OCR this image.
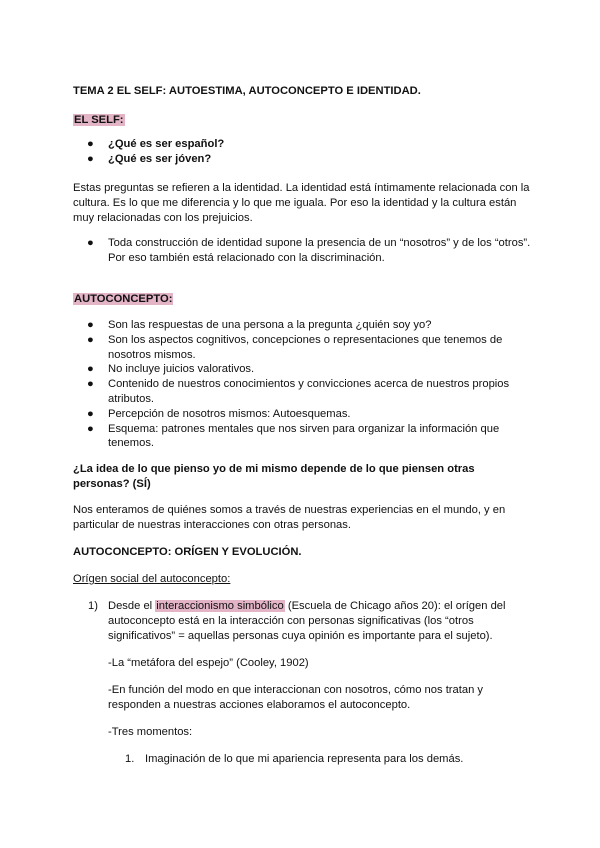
TEMA 2 EL SELF: AUTOESTIMA, AUTOCONCEPTO E IDENTIDAD.
EL SELF:
● ¿Qué es ser español?
● ¿Qué es ser jóven?
Estas preguntas se refieren a la identidad. La identidad está íntimamente relacionada con la cultura. Es lo que me diferencia y lo que me iguala. Por eso la identidad y la cultura están muy relacionadas con los prejuicios.
● Toda construcción de identidad supone la presencia de un “nosotros” y de los “otros”. Por eso también está relacionado con la discriminación.
AUTOCONCEPTO:
● Son las respuestas de una persona a la pregunta ¿quién soy yo?
● Son los aspectos cognitivos, concepciones o representaciones que tenemos de nosotros mismos.
● No incluye juicios valorativos.
● Contenido de nuestros conocimientos y convicciones acerca de nuestros propios atributos.
● Percepción de nosotros mismos: Autoesquemas.
● Esquema: patrones mentales que nos sirven para organizar la información que tenemos.
¿La idea de lo que pienso yo de mi mismo depende de lo que piensen otras personas? (SÍ)
Nos enteramos de quiénes somos a través de nuestras experiencias en el mundo, y en particular de nuestras interacciones con otras personas.
AUTOCONCEPTO: ORÍGEN Y EVOLUCIÓN.
Orígen social del autoconcepto:
1) Desde el interaccionismo simbólico (Escuela de Chicago años 20): el orígen del autoconcepto está en la interacción con personas significativas (los “otros significativos” = aquellas personas cuya opinión es importante para el sujeto).
-La “metáfora del espejo” (Cooley, 1902)
-En función del modo en que interaccionan con nosotros, cómo nos tratan y responden a nuestras acciones elaboramos el autoconcepto.
-Tres momentos:
1. Imaginación de lo que mi apariencia representa para los demás.
